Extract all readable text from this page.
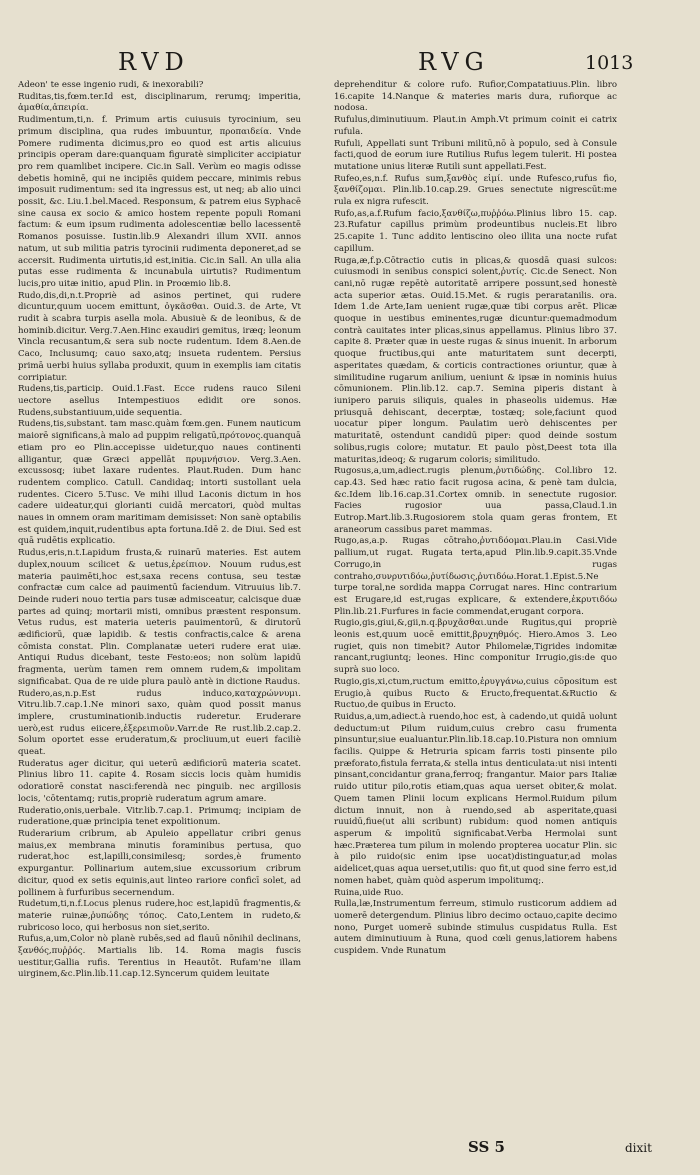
RVD	RVG	1013

Adeon' te esse ingenio rudi, & inexorabili?

Ruditas,tis,fœm.ter.Id est, disciplinarum, rerumq; imperitia, ἀμαθία,ἀπειρία.

Rudimentum,ti,n. f. Primum artis cuiusuis tyrocinium, seu primum disciplina, qua rudes imbuuntur, προπαιδεία. Vnde Pomere rudimenta dicimus,pro eo quod est artis alicuius principis operam dare:quanquam figuratè simpliciter accipiatur pro rem quamlibet incipere. Cic.in Sall. Verùm eo magis odisse debetis hominē, qui ne incipiēs quidem peccare, minimis rebus imposuit rudimentum: sed ita ingressus est, ut neq; ab alio uinci possit, &c. Liu.1.bel.Maced. Responsum, & patrem eius Syphacē sine causa ex socio & amico hostem repente populi Romani factum: & eum ipsum rudimenta adolescentiæ bello lacessentē Romanos posuisse. Iustin.lib.9 Alexandri illum XVII. annos natum, ut sub militia patris tyrocinii rudimenta deponeret,ad se accersit. Rudimenta uirtutis,id est,initia. Cic.in Sall. An ulla alia putas esse rudimenta & incunabula uirtutis? Rudimentum lucis,pro uitæ initio, apud Plin. in Proœmio lib.8.

Rudo,dis,di,n.t.Propriè ad asinos pertinet, qui rudere dicuntur,quum uocem emittunt, ὀγκᾶσθαι. Ouid.3. de Arte, Vt rudit à scabra turpis asella mola. Abusiuè & de leonibus, & de hominib.dicitur. Verg.7.Aen.Hinc exaudiri gemitus, iræq; leonum Vincla recusantum,& sera sub nocte rudentum. Idem 8.Aen.de Caco, Inclusumq; cauo saxo,atq; insueta rudentem. Persius primā uerbi huius syllaba produxit, quum in exemplis iam citatis corripiatur.

Rudens,tis,particip. Ouid.1.Fast. Ecce rudens rauco Sileni uectore asellus Intempestiuos edidit ore sonos. Rudens,substantiuum,uide sequentia.

Rudens,tis,substant. tam masc.quàm fœm.gen. Funem nauticum maiorē significans,à malo ad puppim religatū,πρότονος.quanquā etiam pro eo Plin.accepisse uidetur,quo naues continenti alligantur, quæ Græci appellāt πρυμνήσιον. Verg.3.Aen. excussosq; iubet laxare rudentes. Plaut.Ruden. Dum hanc rudentem complico. Catull. Candidaq; intorti sustollant uela rudentes. Cicero 5.Tusc. Ve mihi illud Laconis dictum in hos cadere uideatur,qui glorianti cuidā mercatori, quòd multas naues in omnem oram maritimam demisisset: Non sanè optabilis est quidem,inquit,rudentibus apta fortuna.Idē 2. de Diui. Sed est quā rudētis explicatio.

Rudus,eris,n.t.Lapidum frusta,& ruinarū materies. Est autem duplex,nouum scilicet & uetus,ἐρείπιον. Nouum rudus,est materia pauimēti,hoc est,saxa recens contusa, seu testæ confractæ cum calce ad pauimentū faciendum. Vitruuius lib.7. Deinde ruderi nouo tertia pars tusæ admisceatur, calcisque duæ partes ad quinq; mortarii misti, omnibus præstent responsum. Vetus rudus, est materia ueteris pauimentorū, & dirutorū ædificiorū, quæ lapidib. & testis confractis,calce & arena cōmista constat. Plin. Complanatæ ueteri rudere erat uiæ. Antiqui Rudus dicebant, teste Festo:eos; non solùm lapidū fragmenta, uerùm tamen rem omnem rudem,& impolitam significabat. Qua de re uide plura paulò antè in dictione Raudus.

Rudero,as,n.p.Est rudus induco,καταχρώννυμι. Vitru.lib.7.cap.1.Ne minori saxo, quàm quod possit manus implere, crustuminationib.inductis ruderetur. Eruderare uerò,est rudus eiicere,ἐξερειπιοῦν.Varr.de Re rust.lib.2.cap.2. Solum oportet esse eruderatum,& procliuum,ut eueri faciliè queat.

Ruderatus ager dicitur, qui ueterū ædificiorū materia scatet. Plinius libro 11. capite 4. Rosam siccis locis quàm humidis odoratiorē constat nasci:ferendà nec pinguib. nec argillosis locis, 'cōtentamq; rutis,propriè ruderatum agrum amare.

Ruderatio,onis,uerbale. Vitr.lib.7.cap.1. Primumq; incipiam de ruderatione,quæ principia tenet expolitionum.

Ruderarium cribrum, ab Apuleio appellatur cribri genus maius,ex membrana minutis foraminibus pertusa, quo ruderat,hoc est,lapilli,consimilesq; sordes,è frumento expurgantur. Pollinarium autem,siue excussorium cribrum dicitur, quod ex setis equinis,aut linteo rariore conficī solet, ad pollinem à furfuribus secernendum.

Rudetum,ti,n.f.Locus plenus rudere,hoc est,lapidū fragmentis,& materie ruinæ,ῥυπώδης τόπος. Cato,Lentem in rudeto,& rubricoso loco, qui herbosus non siet,serito.

Rufus,a,um,Color nò planè rubēs,sed ad flauū nōnihil declinans, ξανθός,πυῤῥός. Martialis lib. 14. Roma magis fuscis uestitur,Gallia rufis. Terentius in Heautōt. Rufam'ne illam uirginem,&c.Plin.lib.11.cap.12.Syncerum quidem leuitate

deprehenditur & colore rufo. Rufior,Compatatiuus.Plin. libro 16.capite 14.Nanque & materies maris dura, rufiorque ac nodosa.

Rufulus,diminutiuum. Plaut.in Amph.Vt primum coinit ei catrix rufula.

Rufuli, Appellati sunt Tribuni militū,nō à populo, sed à Consule facti,quod de eorum iure Rutilius Rufus legem tulerit. Hi postea mutatione unius literæ Rutili sunt appellati.Fest.

Rufeo,es,n.f. Rufus sum,ξανθὸς εἰμί. unde Rufesco,rufus fio, ξανθίζομαι. Plin.lib.10.cap.29. Grues senectute nigrescūt:me rula ex nigra rufescit.

Rufo,as,a.f.Rufum facio,ξανθίζω,πυῤῥόω.Plinius libro 15. cap. 23.Rufatur capillus primùm prodeuntibus nucleis.Et libro 25.capite 1. Tunc addito lentiscino oleo illita una nocte rufat capillum.

Ruga,æ,f.p.Cōtractio cutis in plicas,& quosdā quasi sulcos: cuiusmodi in senibus conspici solent,ῥυτίς. Cic.de Senect. Non cani,nō rugæ repētè autoritatē arripere possunt,sed honestè acta superior ætas. Ouid.15.Met. & rugis peraratanilis. ora. Idem 1.de Arte,Iam uenient rugæ,quæ tibi corpus arēt. Plicæ quoque in uestibus eminentes,rugæ dicuntur:quemadmodum contrà cauitates inter plicas,sinus appellamus. Plinius libro 37. capite 8. Præter quæ in ueste rugas & sinus inuenit. In arborum quoque fructibus,qui ante maturitatem sunt decerpti, asperitates quædam, & corticis contractiones oriuntur, quæ à similitudine rugarum anilium, ueniunt & ipsæ in nominis huius cōmunionem. Plin.lib.12. cap.7. Semina piperis distant à iunipero paruis siliquis, quales in phaseolis uidemus. Hæ priusquā dehiscant, decerptæ, tostæq; sole,faciunt quod uocatur piper longum. Paulatim uerò dehiscentes per maturitatē, ostendunt candidū piper: quod deinde sostum solibus,rugis colore; mutatur. Et paulo pòst,Deest tota illa maturitas,ideoq; & rugarum coloris; similitudo.

Rugosus,a,um,adiect.rugis plenum,ῥυτιδώδης. Col.libro 12. cap.43. Sed hæc ratio facit rugosa acina, & penè tam dulcia, &c.Idem lib.16.cap.31.Cortex omnib. in senectute rugosior. Facies rugosior uua passa,Claud.1.in Eutrop.Mart.lib.3.Rugosiorem stola quam geras frontem, Et araneorum cassibus paret mammas.

Rugo,as,a.p. Rugas cōtraho,ῥυτιδόομαι.Plau.in Casi.Vide pallium,ut rugat. Rugata terta,apud Plin.lib.9.capit.35.Vnde Corrugo,in rugas contraho,συνρυτιδόω,ῥυτίδωσις,ῥυτιδόω.Horat.1.Epist.5.Ne turpe toral,ne sordida mappa Corrugat nares. Hinc contrarium est Erugare,id est,rugas explicare, & extendere,ἐκρυτιδόω Plin.lib.21.Furfures in facie commendat,erugant corpora.

Rugio,gis,giui,&,gii,n.q.βρυχᾶσθαι.unde Rugitus,qui propriè leonis est,quum uocē emittit,βρυχηθμός. Hiero.Amos 3. Leo rugiet, quis non timebit? Autor Philomelæ,Tigrides indomitæ rancant,rugiuntq; leones. Hinc componitur Irrugio,gis:de quo suprà suo loco.

Rugio,gis,xi,ctum,ructum emitto,ἐρυγγάνω,cuius cōpositum est Erugio,à quibus Ructo & Eructo,frequentat.&Ructio & Ructuo,de quibus in Eructo.

Ruidus,a,um,adiect.à ruendo,hoc est, à cadendo,ut quidā uolunt deductum:ut Pilum ruidum,cuius crebro casu frumenta pinsuntur,siue eualuantur.Plin.lib.18.cap.10.Pistura non omnium facilis. Quippe & Hetruria spicam farris tosti pinsente pilo præforato,fistula ferrata,& stella intus denticulata:ut nisi intenti pinsant,concidantur grana,ferroq; frangantur. Maior pars Italiæ ruido utitur pilo,rotis etiam,quas aqua uerset obiter,& molat. Quem tamen Plinii locum explicans Hermol.Ruidum pilum dictum innuit, non à ruendo,sed ab asperitate,quasi ruuidū,fiue(ut alii scribunt) rubidum: quod nomen antiquis asperum & impolitū significabat.Verba Hermolai sunt hæc.Præterea tum pilum in molendo propterea uocatur Plin. sic à pilo ruido(sic enim ipse uocat)distinguatur,ad molas aidelicet,quas aqua uerset,utilis: quo fit,ut quod sine ferro est,id nomen habet, quàm quòd asperum impolitumq;.

Ruina,uide Ruo.

Rulla,læ,Instrumentum ferreum, stimulo rusticorum addiem ad uomerē detergendum. Plinius libro decimo octauo,capite decimo nono, Purget uomerē subinde stimulus cuspidatus Rulla. Est autem diminutiuum à Runa, quod cœli genus,latiorem habens cuspidem. Vnde Runatum

SS 5	dixit
